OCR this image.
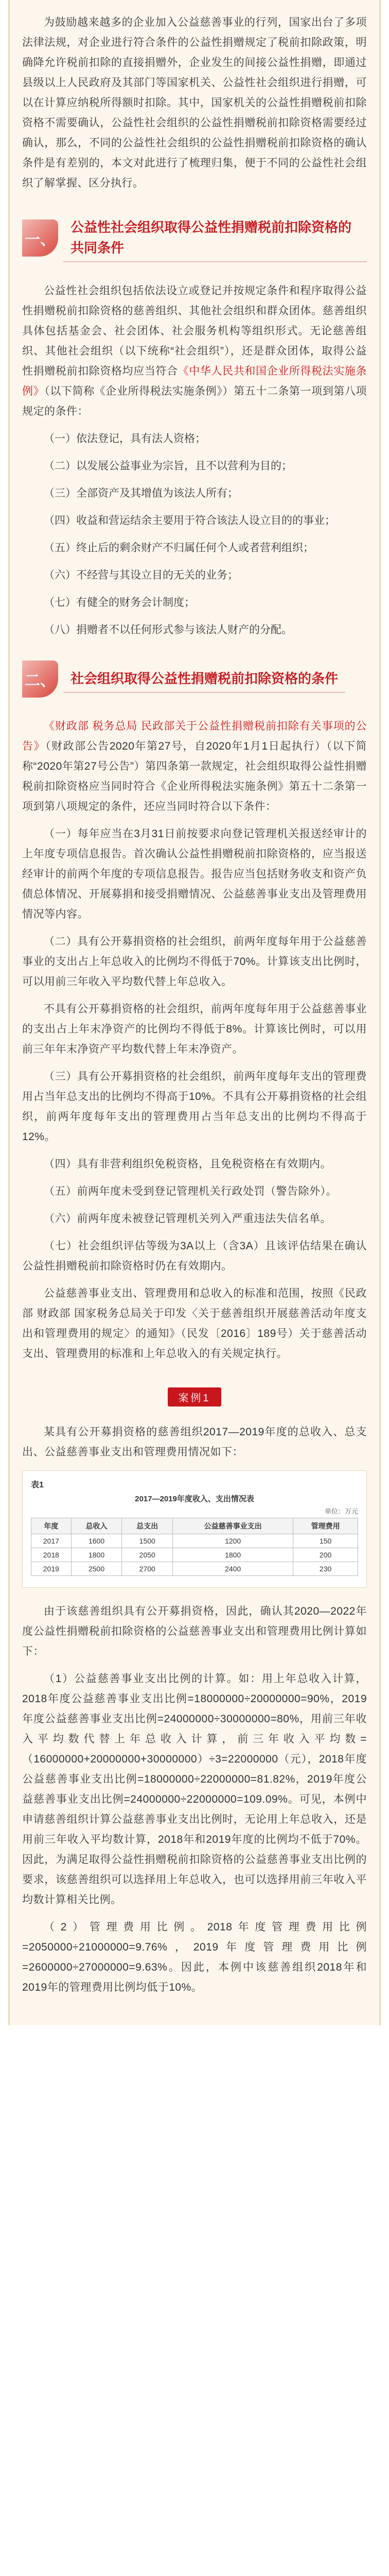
为鼓励越来越多的企业加入公益慈善事业的行列，国家出台了多项法律法规，对企业进行符合条件的公益性捐赠规定了税前扣除政策，明确降允许税前扣除的直接捐赠外，企业发生的间接公益性捐赠，即通过县级以上人民政府及其部门等国家机关、公益性社会组织进行捐赠，可以在计算应纳税所得额时扣除。其中，国家机关的公益性捐赠税前扣除资格不需要确认，公益性社会组织的公益性捐赠税前扣除资格需要经过确认，那么，不同的公益性社会组织的公益性捐赠税前扣除资格的确认条件是有差别的，本文对此进行了梳理归集，便于不同的公益性社会组织了解掌握、区分执行。

一、
公益性社会组织取得公益性捐赠税前扣除资格的共同条件

公益性社会组织包括依法设立或登记并按规定条件和程序取得公益性捐赠税前扣除资格的慈善组织、其他社会组织和群众团体。慈善组织具体包括基金会、社会团体、社会服务机构等组织形式。无论慈善组织、其他社会组织（以下统称“社会组织”），还是群众团体，取得公益性捐赠税前扣除资格均应当符合《中华人民共和国企业所得税法实施条例》（以下简称《企业所得税法实施条例》）第五十二条第一项到第八项规定的条件：

（一）依法登记，具有法人资格；

（二）以发展公益事业为宗旨，且不以营利为目的；

（三）全部资产及其增值为该法人所有；

（四）收益和营运结余主要用于符合该法人设立目的的事业；

（五）终止后的剩余财产不归属任何个人或者营利组织；

（六）不经营与其设立目的无关的业务；

（七）有健全的财务会计制度；

（八）捐赠者不以任何形式参与该法人财产的分配。

二、	社会组织取得公益性捐赠税前扣除资格的条件

《财政部 税务总局 民政部关于公益性捐赠税前扣除有关事项的公告》（财政部公告2020年第27号，自2020年1月1日起执行）（以下简称“2020年第27号公告”）第四条第一款规定，社会组织取得公益性捐赠税前扣除资格应当同时符合《企业所得税法实施条例》第五十二条第一项到第八项规定的条件，还应当同时符合以下条件：

（一）每年应当在3月31日前按要求向登记管理机关报送经审计的上年度专项信息报告。首次确认公益性捐赠税前扣除资格的，应当报送经审计的前两个年度的专项信息报告。报告应当包括财务收支和资产负债总体情况、开展募捐和接受捐赠情况、公益慈善事业支出及管理费用情况等内容。

（二）具有公开募捐资格的社会组织，前两年度每年用于公益慈善事业的支出占上年总收入的比例均不得低于70%。计算该支出比例时，可以用前三年收入平均数代替上年总收入。

不具有公开募捐资格的社会组织，前两年度每年用于公益慈善事业的支出占上年末净资产的比例均不得低于8%。计算该比例时，可以用前三年年末净资产平均数代替上年末净资产。

（三）具有公开募捐资格的社会组织，前两年度每年支出的管理费用占当年总支出的比例均不得高于10%。不具有公开募捐资格的社会组织，前两年度每年支出的管理费用占当年总支出的比例均不得高于12%。

（四）具有非营利组织免税资格，且免税资格在有效期内。

（五）前两年度未受到登记管理机关行政处罚（警告除外）。

（六）前两年度未被登记管理机关列入严重违法失信名单。

（七）社会组织评估等级为3A以上（含3A）且该评估结果在确认公益性捐赠税前扣除资格时仍在有效期内。

公益慈善事业支出、管理费用和总收入的标准和范围，按照《民政部 财政部 国家税务总局关于印发〈关于慈善组织开展慈善活动年度支出和管理费用的规定〉的通知》（民发〔2016〕189号）关于慈善活动支出、管理费用的标准和上年总收入的有关规定执行。

案例1

某具有公开募捐资格的慈善组织2017—2019年度的总收入、总支出、公益慈善事业支出和管理费用情况如下：

表1
2017—2019年度收入、支出情况表
单位：万元
年度	总收入	总支出	公益慈善事业支出	管理费用
2017	1600	1500	1200	150
2018	1800	2050	1800	200
2019	2500	2700	2400	230

由于该慈善组织具有公开募捐资格，因此，确认其2020—2022年度公益性捐赠税前扣除资格的公益慈善事业支出和管理费用比例计算如下：

（1）公益慈善事业支出比例的计算。如：用上年总收入计算，2018年度公益慈善事业支出比例=18000000÷20000000=90%，2019年度公益慈善事业支出比例=24000000÷30000000=80%，用前三年收入平均数代替上年总收入计算，前三年收入平均数=（16000000+20000000+30000000）÷3=22000000（元），2018年度公益慈善事业支出比例=18000000÷22000000=81.82%，2019年度公益慈善事业支出比例=24000000÷22000000=109.09%。可见，本例中申请慈善组织计算公益慈善事业支出比例时，无论用上年总收入，还是用前三年收入平均数计算，2018年和2019年度的比例均不低于70%。因此，为满足取得公益性捐赠税前扣除资格的公益慈善事业支出比例的要求，该慈善组织可以选择用上年总收入，也可以选择用前三年收入平均数计算相关比例。

（2）管理费用比例。2018年度管理费用比例=2050000÷21000000=9.76%，2019年度管理费用比例=2600000÷27000000=9.63%。因此，本例中该慈善组织2018年和2019年的管理费用比例均低于10%。
